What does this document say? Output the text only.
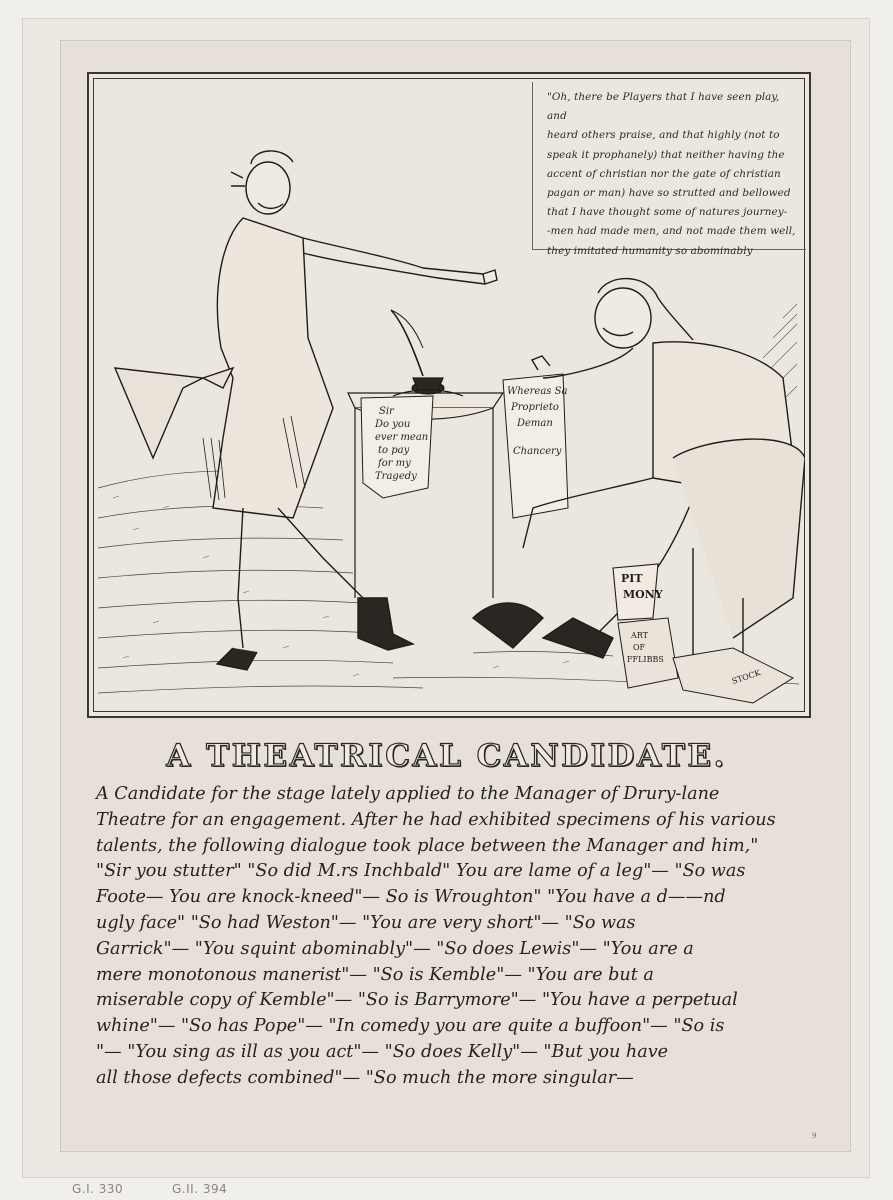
Sir
Do you
ever mean
to pay
for my
Tragedy
Whereas Sa
Proprieto
Deman
Chancery
PIT
MONY
ART
OF
FFLIBBS
STOCK
"Oh, there be Players that I have seen play, and
heard others praise, and that highly (not to
speak it prophanely) that neither having the
accent of christian nor the gate of christian
pagan or man) have so strutted and bellowed
that I have thought some of natures journey-
-men had made men, and not made them well,
they imitated humanity so abominably
A THEATRICAL CANDIDATE.
A Candidate for the stage lately applied to the Manager of Drury-lane
Theatre for an engagement. After he had exhibited specimens of his various
talents, the following dialogue took place between the Manager and him,"
"Sir you stutter" "So did M.rs Inchbald" You are lame of a leg"— "So was
Foote— You are knock-kneed"— So is Wroughton" "You have a d——nd
ugly face" "So had Weston"— "You are very short"— "So was
Garrick"— "You squint abominably"— "So does Lewis"— "You are a
mere monotonous manerist"— "So is Kemble"— "You are but a
miserable copy of Kemble"— "So is Barrymore"— "You have a perpetual
whine"— "So has Pope"— "In comedy you are quite a buffoon"— "So is
"— "You sing as ill as you act"— "So does Kelly"— "But you have
all those defects combined"— "So much the more singular—
9
G.I. 330	G.II. 394
